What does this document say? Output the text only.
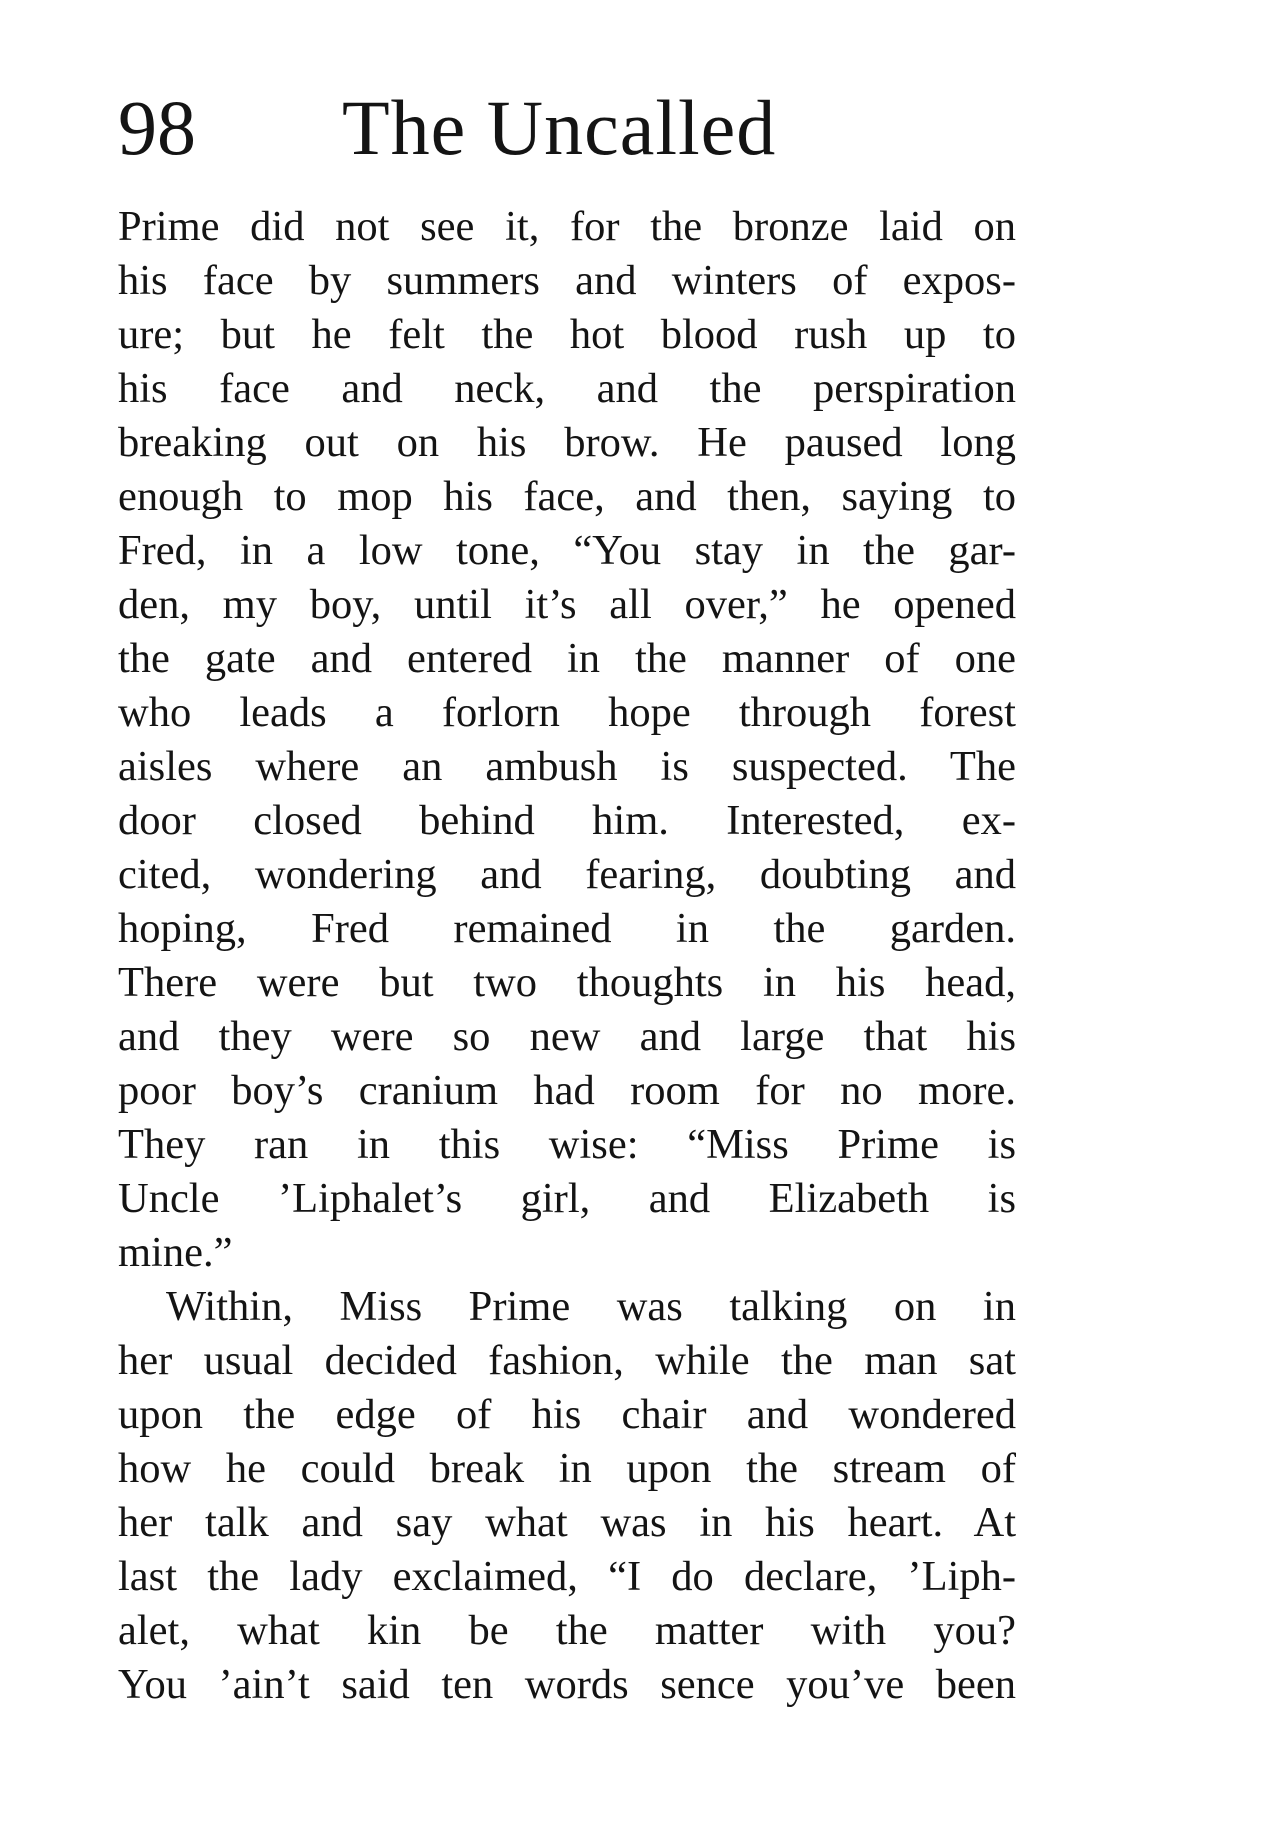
98 The Uncalled
Prime did not see it, for the bronze laid on
his face by summers and winters of expos-
ure; but he felt the hot blood rush up to
his face and neck, and the perspiration
breaking out on his brow. He paused long
enough to mop his face, and then, saying to
Fred, in a low tone, “You stay in the gar-
den, my boy, until it’s all over,” he opened
the gate and entered in the manner of one
who leads a forlorn hope through forest
aisles where an ambush is suspected. The
door closed behind him. Interested, ex-
cited, wondering and fearing, doubting and
hoping, Fred remained in the garden.
There were but two thoughts in his head,
and they were so new and large that his
poor boy’s cranium had room for no more.
They ran in this wise: “Miss Prime is
Uncle ’Liphalet’s girl, and Elizabeth is
mine.”
Within, Miss Prime was talking on in
her usual decided fashion, while the man sat
upon the edge of his chair and wondered
how he could break in upon the stream of
her talk and say what was in his heart. At
last the lady exclaimed, “I do declare, ’Liph-
alet, what kin be the matter with you?
You ’ain’t said ten words sence you’ve been
